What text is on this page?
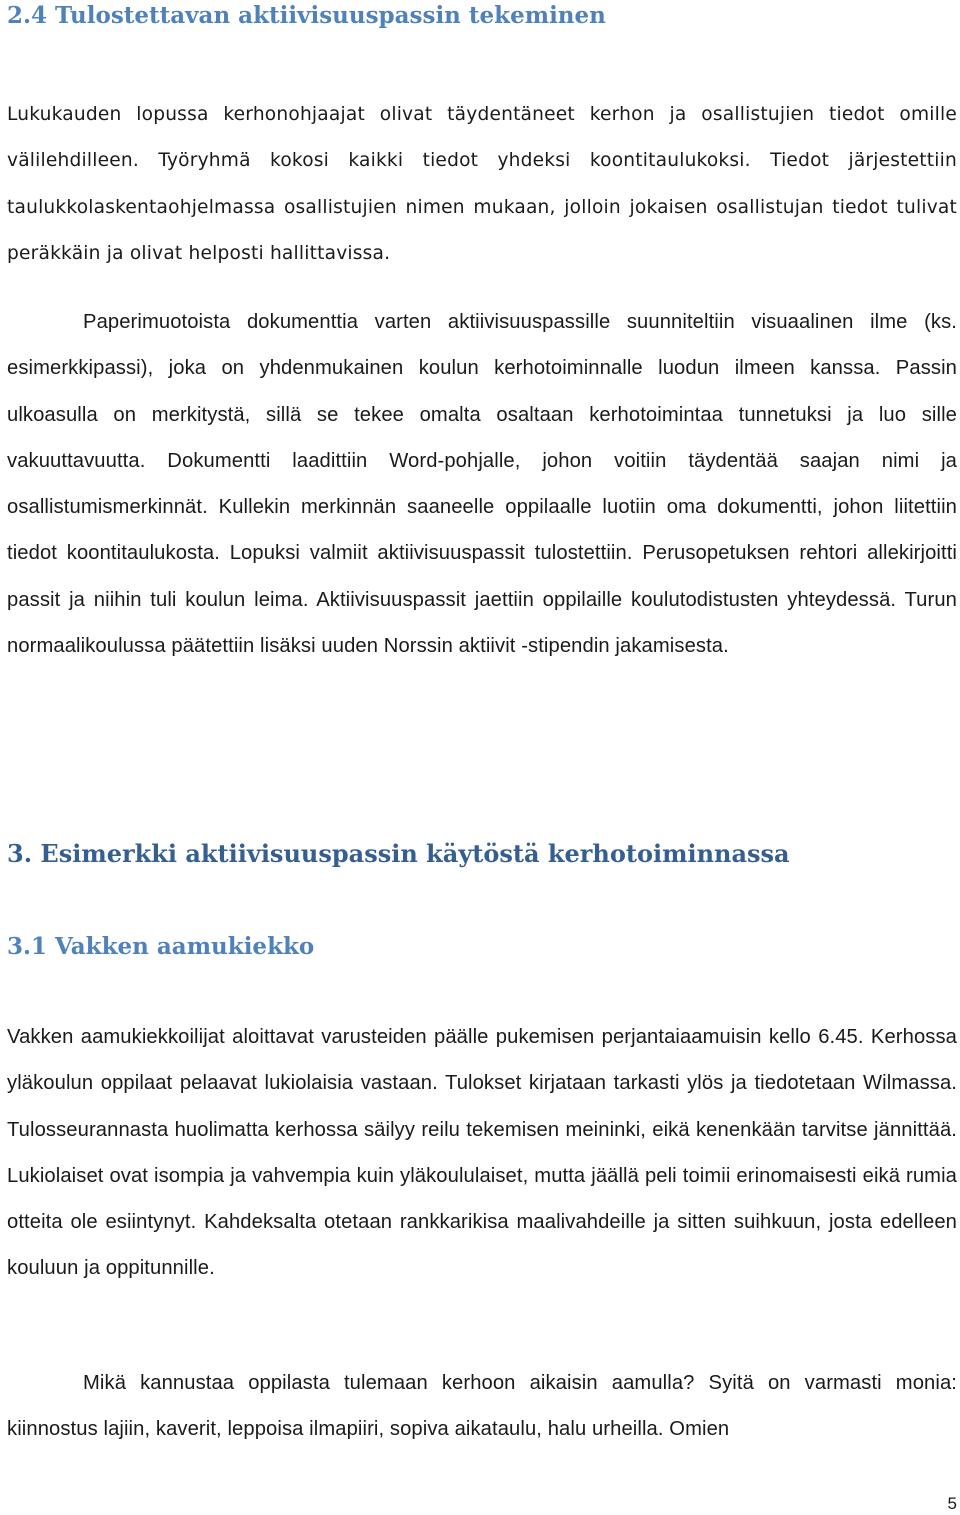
2.4 Tulostettavan aktiivisuuspassin tekeminen

Lukukauden lopussa kerhonohjaajat olivat täydentäneet kerhon ja osallistujien tiedot omille välilehdilleen. Työryhmä kokosi kaikki tiedot yhdeksi koontitaulukoksi. Tiedot järjestettiin taulukkolaskentaohjelmassa osallistujien nimen mukaan, jolloin jokaisen osallistujan tiedot tulivat peräkkäin ja olivat helposti hallittavissa.

Paperimuotoista dokumenttia varten aktiivisuuspassille suunniteltiin visuaalinen ilme (ks. esimerkkipassi), joka on yhdenmukainen koulun kerhotoiminnalle luodun ilmeen kanssa. Passin ulkoasulla on merkitystä, sillä se tekee omalta osaltaan kerhotoimintaa tunnetuksi ja luo sille vakuuttavuutta. Dokumentti laadittiin Word-pohjalle, johon voitiin täydentää saajan nimi ja osallistumismerkinnät. Kullekin merkinnän saaneelle oppilaalle luotiin oma dokumentti, johon liitettiin tiedot koontitaulukosta. Lopuksi valmiit aktiivisuuspassit tulostettiin. Perusopetuksen rehtori allekirjoitti passit ja niihin tuli koulun leima. Aktiivisuuspassit jaettiin oppilaille koulutodistusten yhteydessä. Turun normaalikoulussa päätettiin lisäksi uuden Norssin aktiivit -stipendin jakamisesta.

3. Esimerkki aktiivisuuspassin käytöstä kerhotoiminnassa
3.1 Vakken aamukiekko

Vakken aamukiekkoilijat aloittavat varusteiden päälle pukemisen perjantaiaamuisin kello 6.45. Kerhossa yläkoulun oppilaat pelaavat lukiolaisia vastaan. Tulokset kirjataan tarkasti ylös ja tiedotetaan Wilmassa. Tulosseurannasta huolimatta kerhossa säilyy reilu tekemisen meininki, eikä kenenkään tarvitse jännittää. Lukiolaiset ovat isompia ja vahvempia kuin yläkoululaiset, mutta jäällä peli toimii erinomaisesti eikä rumia otteita ole esiintynyt. Kahdeksalta otetaan rankkarikisa maalivahdeille ja sitten suihkuun, josta edelleen kouluun ja oppitunnille.

Mikä kannustaa oppilasta tulemaan kerhoon aikaisin aamulla? Syitä on varmasti monia: kiinnostus lajiin, kaverit, leppoisa ilmapiiri, sopiva aikataulu, halu urheilla. Omien

5
